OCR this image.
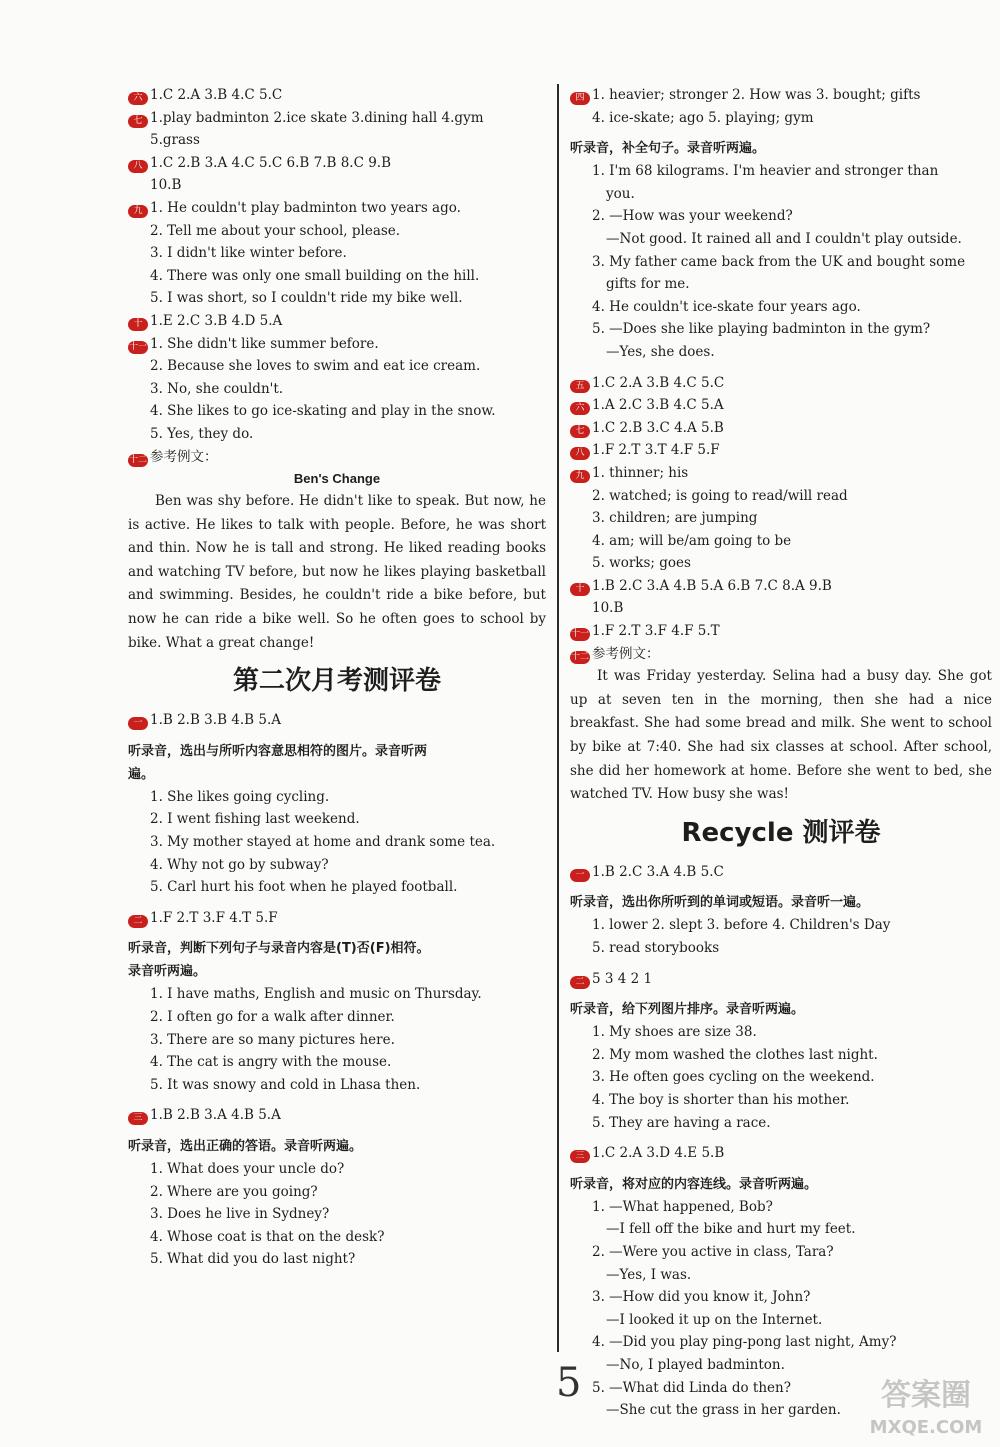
六 1.C 2.A 3.B 4.C 5.C
七 1.play badminton 2.ice skate 3.dining hall 4.gym
5.grass
八 1.C 2.B 3.A 4.C 5.C 6.B 7.B 8.C 9.B
10.B
九 1. He couldn't play badminton two years ago.
2. Tell me about your school, please.
3. I didn't like winter before.
4. There was only one small building on the hill.
5. I was short, so I couldn't ride my bike well.
十 1.E 2.C 3.B 4.D 5.A
十一 1. She didn't like summer before.
2. Because she loves to swim and eat ice cream.
3. No, she couldn't.
4. She likes to go ice-skating and play in the snow.
5. Yes, they do.
十二 参考例文：
Ben's Change
Ben was shy before. He didn't like to speak. But now, he is active. He likes to talk with people. Before, he was short and thin. Now he is tall and strong. He liked reading books and watching TV before, but now he likes playing basketball and swimming. Besides, he couldn't ride a bike before, but now he can ride a bike well. So he often goes to school by bike. What a great change!
第二次月考测评卷
一 1.B 2.B 3.B 4.B 5.A
听录音，选出与所听内容意思相符的图片。录音听两
遍。
1. She likes going cycling.
2. I went fishing last weekend.
3. My mother stayed at home and drank some tea.
4. Why not go by subway?
5. Carl hurt his foot when he played football.
二 1.F 2.T 3.F 4.T 5.F
听录音，判断下列句子与录音内容是(T)否(F)相符。
录音听两遍。
1. I have maths, English and music on Thursday.
2. I often go for a walk after dinner.
3. There are so many pictures here.
4. The cat is angry with the mouse.
5. It was snowy and cold in Lhasa then.
三 1.B 2.B 3.A 4.B 5.A
听录音，选出正确的答语。录音听两遍。
1. What does your uncle do?
2. Where are you going?
3. Does he live in Sydney?
4. Whose coat is that on the desk?
5. What did you do last night?
四 1. heavier; stronger 2. How was 3. bought; gifts
4. ice-skate; ago 5. playing; gym
听录音，补全句子。录音听两遍。
1. I'm 68 kilograms. I'm heavier and stronger than
you.
2. —How was your weekend?
—Not good. It rained all and I couldn't play outside.
3. My father came back from the UK and bought some
gifts for me.
4. He couldn't ice-skate four years ago.
5. —Does she like playing badminton in the gym?
—Yes, she does.
五 1.C 2.A 3.B 4.C 5.C
六 1.A 2.C 3.B 4.C 5.A
七 1.C 2.B 3.C 4.A 5.B
八 1.F 2.T 3.T 4.F 5.F
九 1. thinner; his
2. watched; is going to read/will read
3. children; are jumping
4. am; will be/am going to be
5. works; goes
十 1.B 2.C 3.A 4.B 5.A 6.B 7.C 8.A 9.B
10.B
十一 1.F 2.T 3.F 4.F 5.T
十二 参考例文：
It was Friday yesterday. Selina had a busy day. She got up at seven ten in the morning, then she had a nice breakfast. She had some bread and milk. She went to school by bike at 7:40. She had six classes at school. After school, she did her homework at home. Before she went to bed, she watched TV. How busy she was!
Recycle 测评卷
一 1.B 2.C 3.A 4.B 5.C
听录音，选出你所听到的单词或短语。录音听一遍。
1. lower 2. slept 3. before 4. Children's Day
5. read storybooks
二 5 3 4 2 1
听录音，给下列图片排序。录音听两遍。
1. My shoes are size 38.
2. My mom washed the clothes last night.
3. He often goes cycling on the weekend.
4. The boy is shorter than his mother.
5. They are having a race.
三 1.C 2.A 3.D 4.E 5.B
听录音，将对应的内容连线。录音听两遍。
1. —What happened, Bob?
—I fell off the bike and hurt my feet.
2. —Were you active in class, Tara?
—Yes, I was.
3. —How did you know it, John?
—I looked it up on the Internet.
4. —Did you play ping-pong last night, Amy?
—No, I played badminton.
5. —What did Linda do then?
—She cut the grass in her garden.
5	答案圈
MXQE.COM
